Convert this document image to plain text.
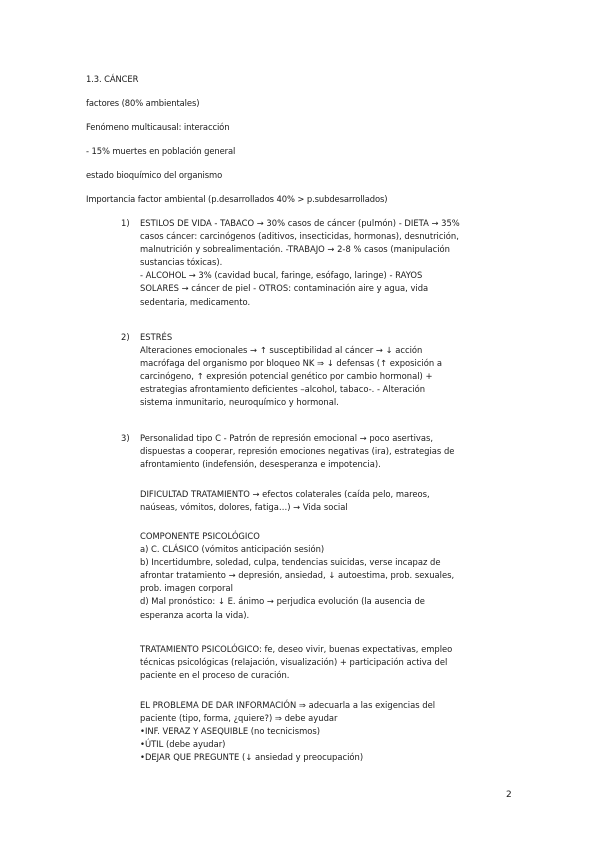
1.3. CÁNCER
factores (80% ambientales)
Fenómeno multicausal: interacción
- 15% muertes en población general
estado bioquímico del organismo
Importancia factor ambiental (p.desarrollados 40% > p.subdesarrollados)
1) ESTILOS DE VIDA - TABACO → 30% casos de cáncer (pulmón) - DIETA → 35%

casos cáncer: carcinógenos (aditivos, insecticidas, hormonas), desnutrición,

malnutrición y sobrealimentación. -TRABAJO → 2-8 % casos (manipulación

sustancias tóxicas).

- ALCOHOL → 3% (cavidad bucal, faringe, esófago, laringe) - RAYOS

SOLARES → cáncer de piel - OTROS: contaminación aire y agua, vida

sedentaria, medicamento.

2) ESTRÉS

Alteraciones emocionales → ↑ susceptibilidad al cáncer → ↓ acción

macrófaga del organismo por bloqueo NK ⇒ ↓ defensas (↑ exposición a

carcinógeno, ↑ expresión potencial genético por cambio hormonal) +

estrategias afrontamiento deficientes –alcohol, tabaco-. - Alteración

sistema inmunitario, neuroquímico y hormonal.

3) Personalidad tipo C - Patrón de represión emocional → poco asertivas,

dispuestas a cooperar, represión emociones negativas (ira), estrategias de

afrontamiento (indefensión, desesperanza e impotencia).

DIFICULTAD TRATAMIENTO → efectos colaterales (caída pelo, mareos,

naúseas, vómitos, dolores, fatiga…) → Vida social

COMPONENTE PSICOLÓGICO

a) C. CLÁSICO (vómitos anticipación sesión)

b) Incertidumbre, soledad, culpa, tendencias suicidas, verse incapaz de

afrontar tratamiento → depresión, ansiedad, ↓ autoestima, prob. sexuales,

prob. imagen corporal

d) Mal pronóstico: ↓ E. ánimo → perjudica evolución (la ausencia de

esperanza acorta la vida).

TRATAMIENTO PSICOLÓGICO: fe, deseo vivir, buenas expectativas, empleo

técnicas psicológicas (relajación, visualización) + participación activa del

paciente en el proceso de curación.

EL PROBLEMA DE DAR INFORMACIÓN ⇒ adecuarla a las exigencias del

paciente (tipo, forma, ¿quiere?) ⇒ debe ayudar

•INF. VERAZ Y ASEQUIBLE (no tecnicismos)

•ÚTIL (debe ayudar)

•DEJAR QUE PREGUNTE (↓ ansiedad y preocupación)

2
